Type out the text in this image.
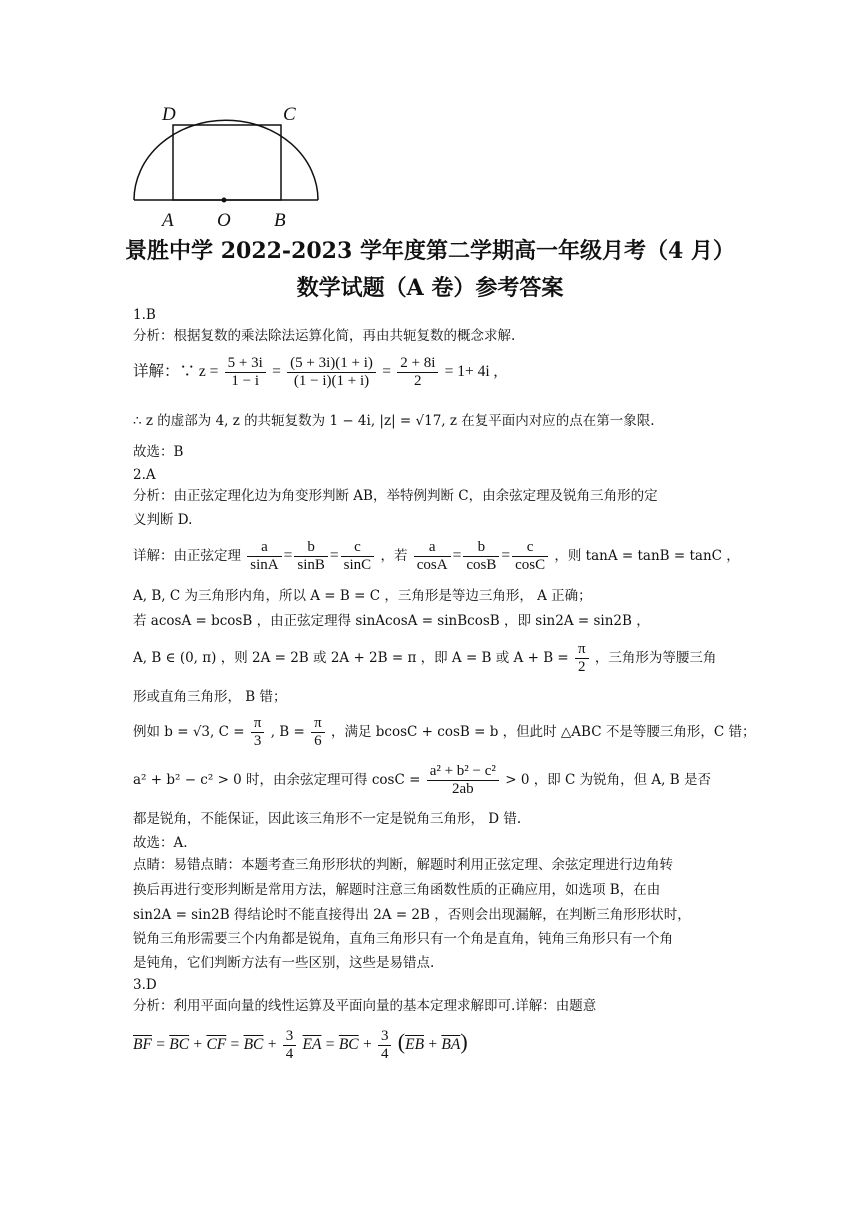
D	C
A O B
景胜中学 2022-2023 学年度第二学期高一年级月考（4 月）
数学试题（A 卷）参考答案
1.B
分析：根据复数的乘法除法运算化简，再由共轭复数的概念求解.
详解：∵ $z = \frac{5 + 3i}{1 - i} = \frac{(5 + 3i)(1 + i)}{(1 - i)(1 + i)} = \frac{2 + 8i}{2} = 1+ 4i$ ,
∴ z 的虚部为 4, z 的共轭复数为 1 − 4i, |z| = √17, z 在复平面内对应的点在第一象限.
故选：B
2.A
分析：由正弦定理化边为角变形判断 AB，举特例判断 C，由余弦定理及锐角三角形的定
义判断 D.
详解：由正弦定理 $\frac{a}{\sin A} = \frac{b}{\sin B} = \frac{c}{\sin C}$ ，若 $\frac{a}{\cos A} = \frac{b}{\cos B} = \frac{c}{\cos C}$ ，则 tanA = tanB = tanC ，
A, B, C 为三角形内角，所以 A = B = C ，三角形是等边三角形， A 正确；
若 acosA = bcosB ，由正弦定理得 sinAcosA = sinBcosB ，即 sin2A = sin2B ，
A, B ∈ (0, π) ，则 2A = 2B 或 2A + 2B = π ，即 A = B 或 $A + B = \frac{\pi}{2}$ ，三角形为等腰三角
形或直角三角形， B 错；
例如 b = √3, $C = \frac{\pi}{3}$ , $B = \frac{\pi}{6}$ ，满足 bcosC + cosB = b ，但此时 △ABC 不是等腰三角形，C 错；
a² + b² − c² > 0 时，由余弦定理可得 $\cos C = \frac{\text{a² + b² − c²}}{2ab} > 0$ ，即 C 为锐角，但 A, B 是否
都是锐角，不能保证，因此该三角形不一定是锐角三角形， D 错.
故选：A.
点睛：易错点睛：本题考查三角形形状的判断，解题时利用正弦定理、余弦定理进行边角转
换后再进行变形判断是常用方法，解题时注意三角函数性质的正确应用，如选项 B，在由
sin2A = sin2B 得结论时不能直接得出 2A = 2B ，否则会出现漏解，在判断三角形形状时，
锐角三角形需要三个内角都是锐角，直角三角形只有一个角是直角，钝角三角形只有一个角
是钝角，它们判断方法有一些区别，这些是易错点.
3.D
分析：利用平面向量的线性运算及平面向量的基本定理求解即可.详解：由题意
$\overline{BF} = \overline{BC} + \overline{CF} = \overline{BC} + \frac{3}{4} \overline{EA} = \overline{BC} + \frac{3}{4} (\overline{EB} + \overline{BA})$
